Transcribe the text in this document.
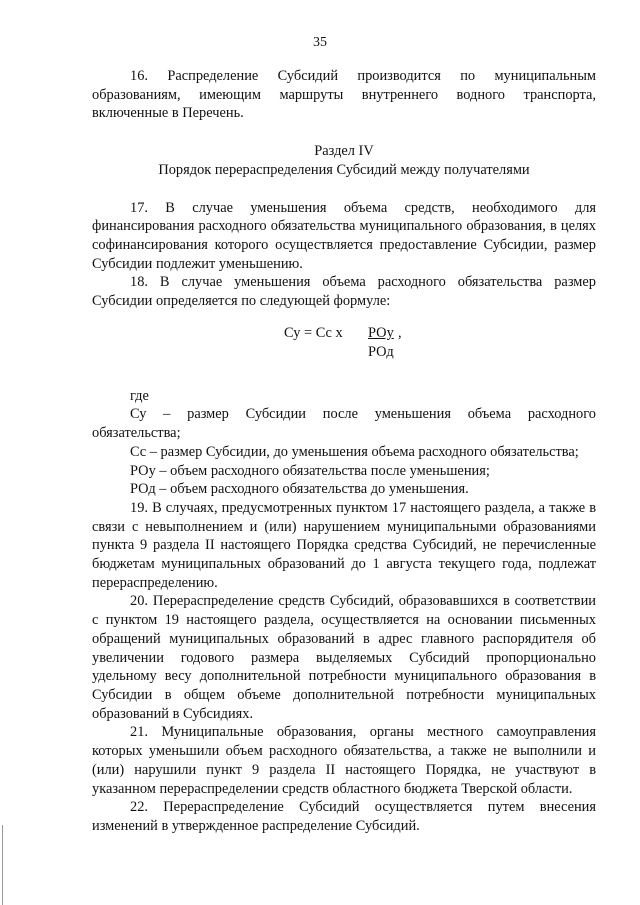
35

16. Распределение Субсидий производится по муниципальным образованиям, имеющим маршруты внутреннего водного транспорта, включенные в Перечень.

Раздел IV

Порядок перераспределения Субсидий между получателями

17. В случае уменьшения объема средств, необходимого для финансирования расходного обязательства муниципального образования, в целях софинансирования которого осуществляется предоставление Субсидии, размер Субсидии подлежит уменьшению.

18. В случае уменьшения объема расходного обязательства размер Субсидии определяется по следующей формуле:

Су = Сс х РОу ,
РОд

где

Су – размер Субсидии после уменьшения объема расходного обязательства;

Сс – размер Субсидии, до уменьшения объема расходного обязательства;

РОу – объем расходного обязательства после уменьшения;

РОд – объем расходного обязательства до уменьшения.

19. В случаях, предусмотренных пунктом 17 настоящего раздела, а также в связи с невыполнением и (или) нарушением муниципальными образованиями пункта 9 раздела II настоящего Порядка средства Субсидий, не перечисленные бюджетам муниципальных образований до 1 августа текущего года, подлежат перераспределению.

20. Перераспределение средств Субсидий, образовавшихся в соответствии с пунктом 19 настоящего раздела, осуществляется на основании письменных обращений муниципальных образований в адрес главного распорядителя об увеличении годового размера выделяемых Субсидий пропорционально удельному весу дополнительной потребности муниципального образования в Субсидии в общем объеме дополнительной потребности муниципальных образований в Субсидиях.

21. Муниципальные образования, органы местного самоуправления которых уменьшили объем расходного обязательства, а также не выполнили и (или) нарушили пункт 9 раздела II настоящего Порядка, не участвуют в указанном перераспределении средств областного бюджета Тверской области.

22. Перераспределение Субсидий осуществляется путем внесения изменений в утвержденное распределение Субсидий.
